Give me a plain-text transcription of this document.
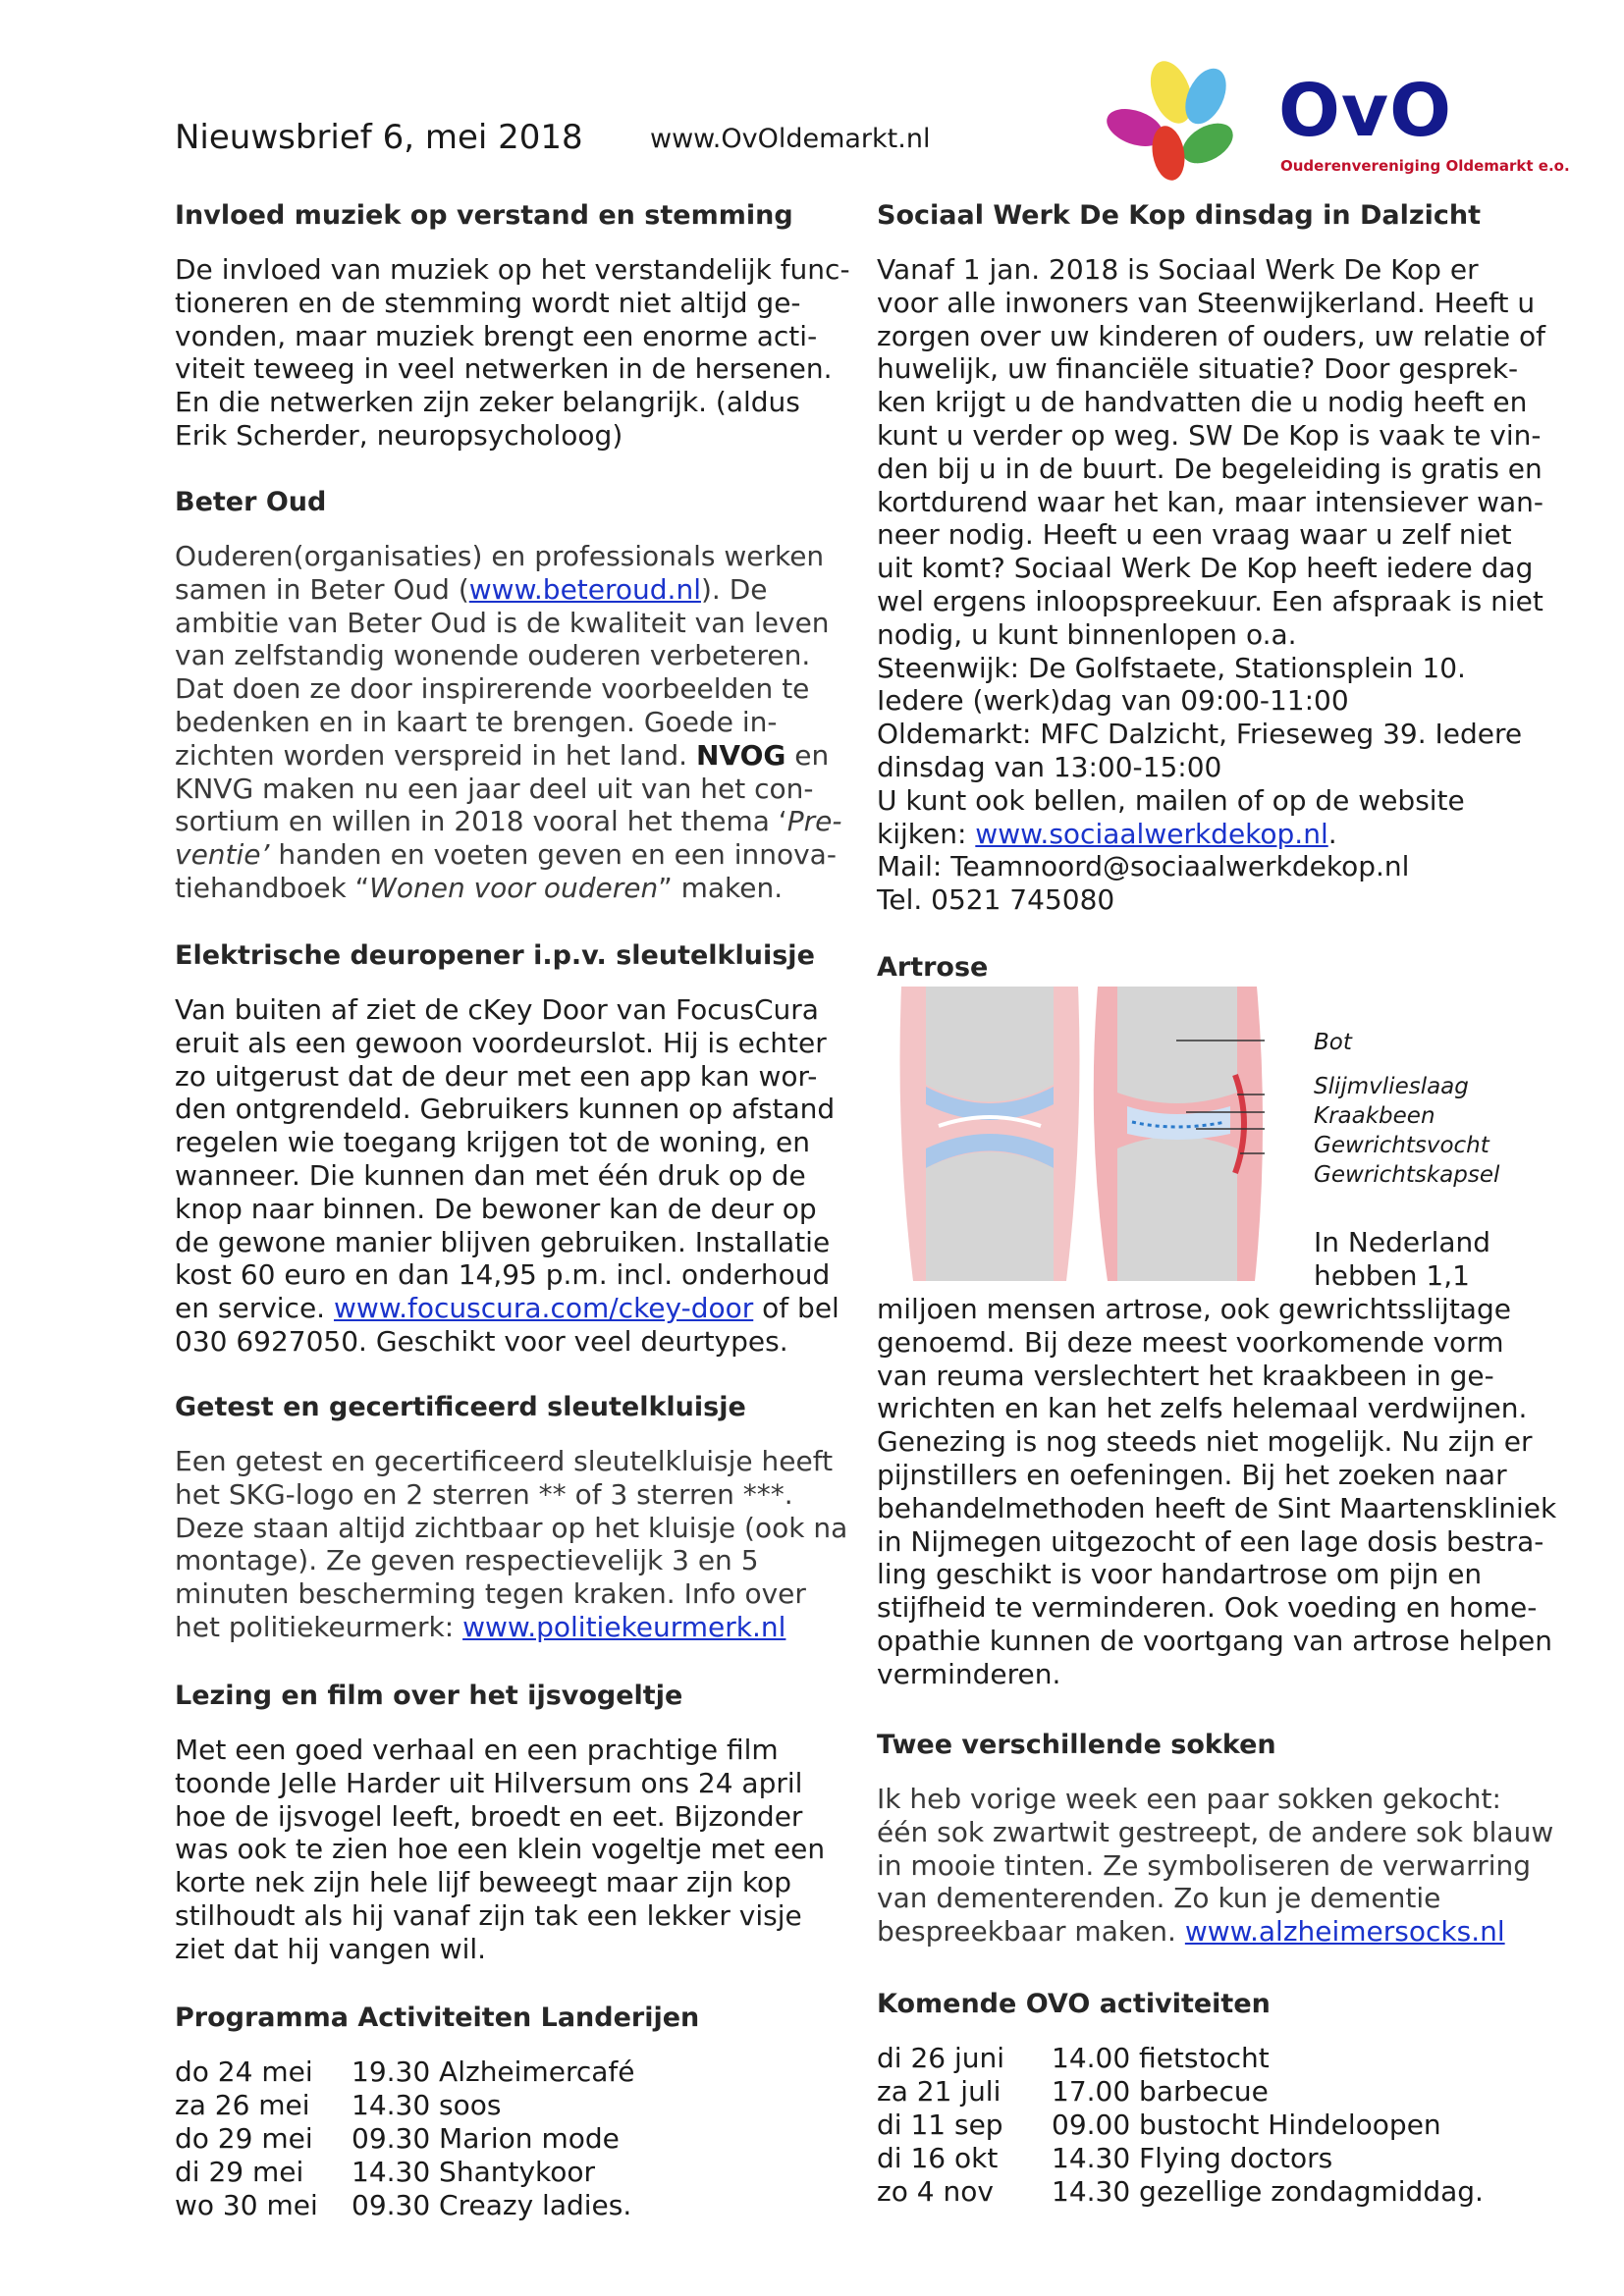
Nieuwsbrief 6, mei 2018	www.OvOldemarkt.nl	OvO
Ouderenvereniging Oldemarkt e.o.
Invloed muziek op verstand en stemming

De invloed van muziek op het verstandelijk func-

tioneren en de stemming wordt niet altijd ge-

vonden, maar muziek brengt een enorme acti-

viteit teweeg in veel netwerken in de hersenen.

En die netwerken zijn zeker belangrijk. (aldus

Erik Scherder, neuropsycholoog)

Beter Oud

Ouderen(organisaties) en professionals werken

samen in Beter Oud (www.beteroud.nl). De

ambitie van Beter Oud is de kwaliteit van leven

van zelfstandig wonende ouderen verbeteren.

Dat doen ze door inspirerende voorbeelden te

bedenken en in kaart te brengen. Goede in-

zichten worden verspreid in het land. NVOG en

KNVG maken nu een jaar deel uit van het con-

sortium en willen in 2018 vooral het thema ‘Pre-

ventie’ handen en voeten geven en een innova-

tiehandboek “Wonen voor ouderen” maken.

Elektrische deuropener i.p.v. sleutelkluisje

Van buiten af ziet de cKey Door van FocusCura

eruit als een gewoon voordeurslot. Hij is echter

zo uitgerust dat de deur met een app kan wor-

den ontgrendeld. Gebruikers kunnen op afstand

regelen wie toegang krijgen tot de woning, en

wanneer. Die kunnen dan met één druk op de

knop naar binnen. De bewoner kan de deur op

de gewone manier blijven gebruiken. Installatie

kost 60 euro en dan 14,95 p.m. incl. onderhoud

en service. www.focuscura.com/ckey-door of bel

030 6927050. Geschikt voor veel deurtypes.

Getest en gecertificeerd sleutelkluisje

Een getest en gecertificeerd sleutelkluisje heeft

het SKG-logo en 2 sterren ** of 3 sterren ***.

Deze staan altijd zichtbaar op het kluisje (ook na

montage). Ze geven respectievelijk 3 en 5

minuten bescherming tegen kraken. Info over

het politiekeurmerk: www.politiekeurmerk.nl

Lezing en film over het ijsvogeltje

Met een goed verhaal en een prachtige film

toonde Jelle Harder uit Hilversum ons 24 april

hoe de ijsvogel leeft, broedt en eet. Bijzonder

was ook te zien hoe een klein vogeltje met een

korte nek zijn hele lijf beweegt maar zijn kop

stilhoudt als hij vanaf zijn tak een lekker visje

ziet dat hij vangen wil.

Programma Activiteiten Landerijen
do 24 mei	19.30 Alzheimercafé
za 26 mei	14.30 soos
do 29 mei	09.30 Marion mode
di 29 mei	14.30 Shantykoor
wo 30 mei	09.30 Creazy ladies.
Sociaal Werk De Kop dinsdag in Dalzicht

Vanaf 1 jan. 2018 is Sociaal Werk De Kop er

voor alle inwoners van Steenwijkerland. Heeft u

zorgen over uw kinderen of ouders, uw relatie of

huwelijk, uw financiële situatie? Door gesprek-

ken krijgt u de handvatten die u nodig heeft en

kunt u verder op weg. SW De Kop is vaak te vin-

den bij u in de buurt. De begeleiding is gratis en

kortdurend waar het kan, maar intensiever wan-

neer nodig. Heeft u een vraag waar u zelf niet

uit komt? Sociaal Werk De Kop heeft iedere dag

wel ergens inloopspreekuur. Een afspraak is niet

nodig, u kunt binnenlopen o.a.

Steenwijk: De Golfstaete, Stationsplein 10.

Iedere (werk)dag van 09:00-11:00

Oldemarkt: MFC Dalzicht, Frieseweg 39. Iedere

dinsdag van 13:00-15:00

U kunt ook bellen, mailen of op de website

kijken: www.sociaalwerkdekop.nl.

Mail: Teamnoord@sociaalwerkdekop.nl

Tel. 0521 745080

Artrose
Bot
Slijmvlieslaag
Kraakbeen
Gewrichtsvocht
Gewrichtskapsel

In Nederland

hebben 1,1

miljoen mensen artrose, ook gewrichtsslijtage

genoemd. Bij deze meest voorkomende vorm

van reuma verslechtert het kraakbeen in ge-

wrichten en kan het zelfs helemaal verdwijnen.

Genezing is nog steeds niet mogelijk. Nu zijn er

pijnstillers en oefeningen. Bij het zoeken naar

behandelmethoden heeft de Sint Maartenskliniek

in Nijmegen uitgezocht of een lage dosis bestra-

ling geschikt is voor handartrose om pijn en

stijfheid te verminderen. Ook voeding en home-

opathie kunnen de voortgang van artrose helpen

verminderen.

Twee verschillende sokken

Ik heb vorige week een paar sokken gekocht:

één sok zwartwit gestreept, de andere sok blauw

in mooie tinten. Ze symboliseren de verwarring

van dementerenden. Zo kun je dementie

bespreekbaar maken. www.alzheimersocks.nl

Komende OVO activiteiten
di 26 juni	14.00 fietstocht
za 21 juli	17.00 barbecue
di 11 sep	09.00 bustocht Hindeloopen
di 16 okt	14.30 Flying doctors
zo 4 nov	14.30 gezellige zondagmiddag.
